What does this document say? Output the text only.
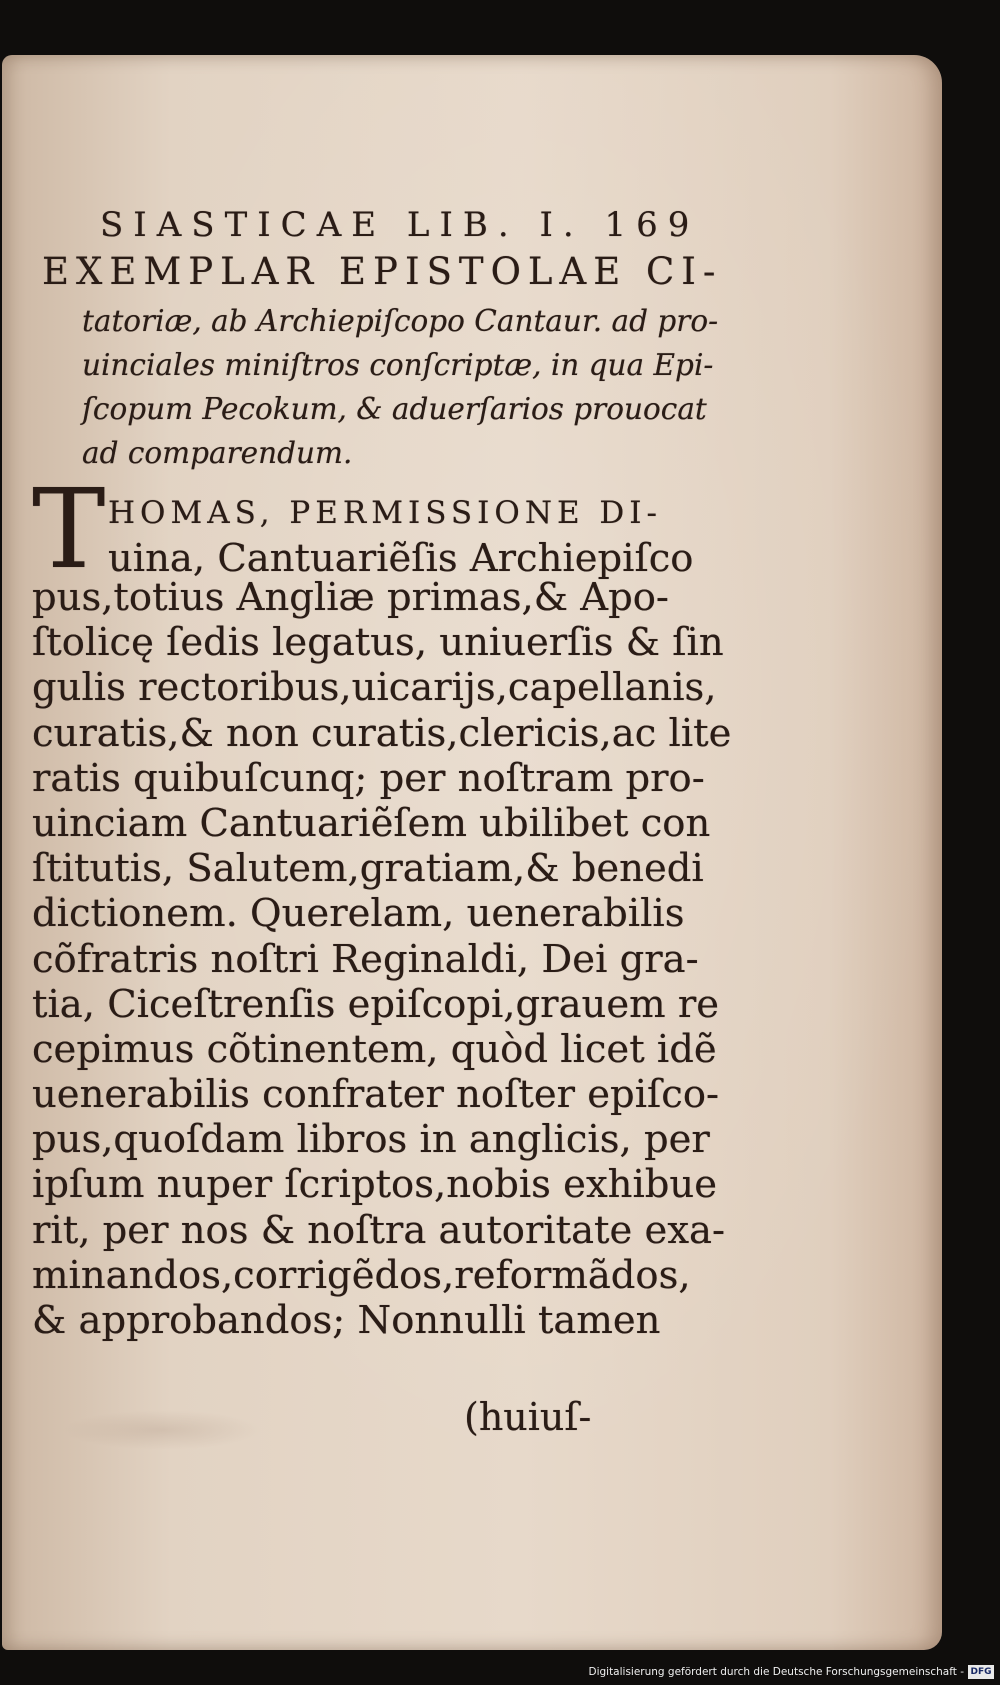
SIASTICAE LIB. I. 169
EXEMPLAR EPISTOLAE CI-
tatoriæ, ab Archiepiſcopo Cantaur. ad pro-
uinciales miniſtros conſcriptæ, in qua Epi-
ſcopum Pecokum, & aduerſarios prouocat
ad comparendum.
T HOMAS, PERMISSIONE DI-
uina, Cantuariẽſis Archiepiſco
pus,totius Angliæ primas,& Apo-
ſtolicę ſedis legatus, uniuerſis & ſin
gulis rectoribus,uicarijs,capellanis,
curatis,& non curatis,clericis,ac lite
ratis quibuſcunq; per noſtram pro-
uinciam Cantuariẽſem ubilibet con
ſtitutis, Salutem,gratiam,& benedi
dictionem. Querelam, uenerabilis
cõfratris noſtri Reginaldi, Dei gra-
tia, Ciceſtrenſis epiſcopi,grauem re
cepimus cõtinentem, quòd licet idẽ
uenerabilis confrater noſter epiſco-
pus,quoſdam libros in anglicis, per
ipſum nuper ſcriptos,nobis exhibue
rit, per nos & noſtra autoritate exa-
minandos,corrigẽdos,reformãdos,
& approbandos; Nonnulli tamen
(huiuſ-
Digitalisierung gefördert durch die Deutsche Forschungsgemeinschaft - DFG
